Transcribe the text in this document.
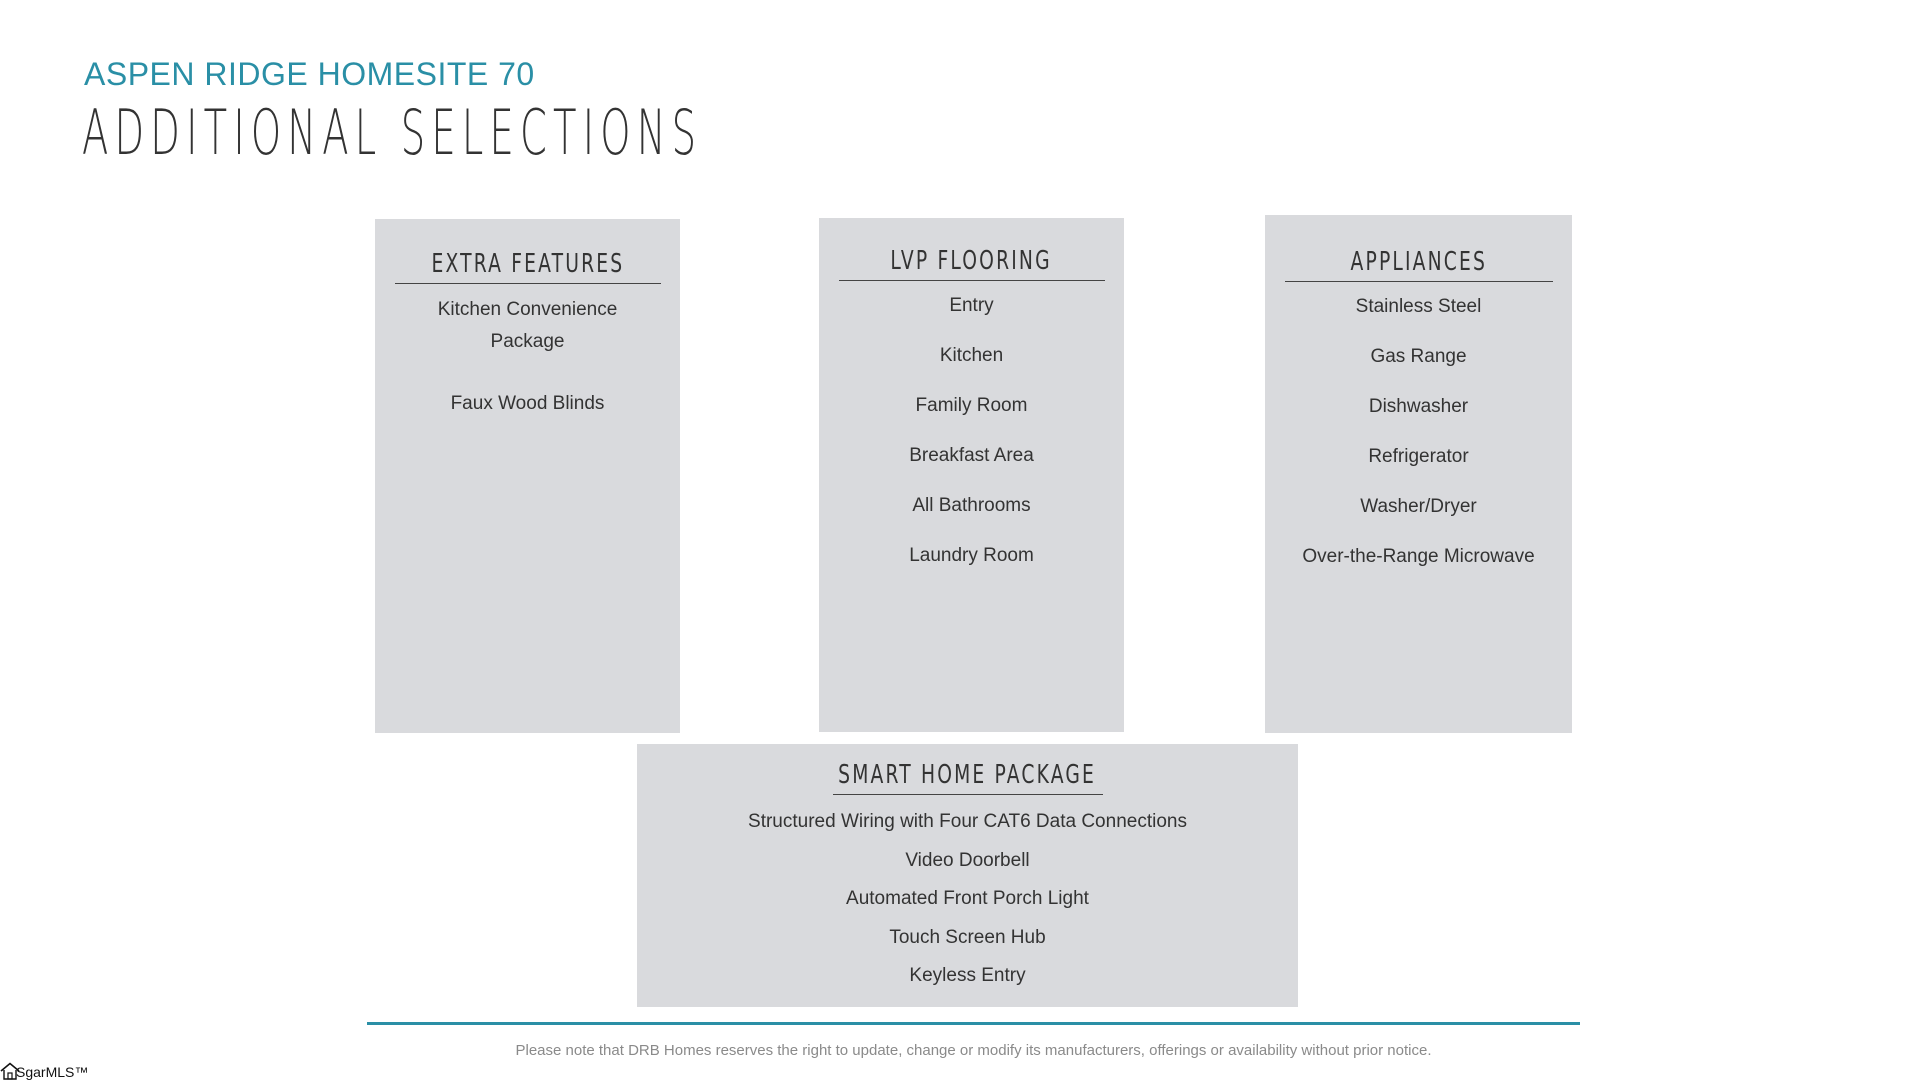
ASPEN RIDGE HOMESITE 70
ADDITIONAL SELECTIONS
EXTRA FEATURES
Kitchen Convenience Package
Faux Wood Blinds
LVP FLOORING
Entry
Kitchen
Family Room
Breakfast Area
All Bathrooms
Laundry Room
APPLIANCES
Stainless Steel
Gas Range
Dishwasher
Refrigerator
Washer/Dryer
Over-the-Range Microwave
SMART HOME PACKAGE
Structured Wiring with Four CAT6 Data Connections
Video Doorbell
Automated Front Porch Light
Touch Screen Hub
Keyless Entry
Please note that DRB Homes reserves the right to update, change or modify its manufacturers, offerings or availability without prior notice.
SgarMLS™
